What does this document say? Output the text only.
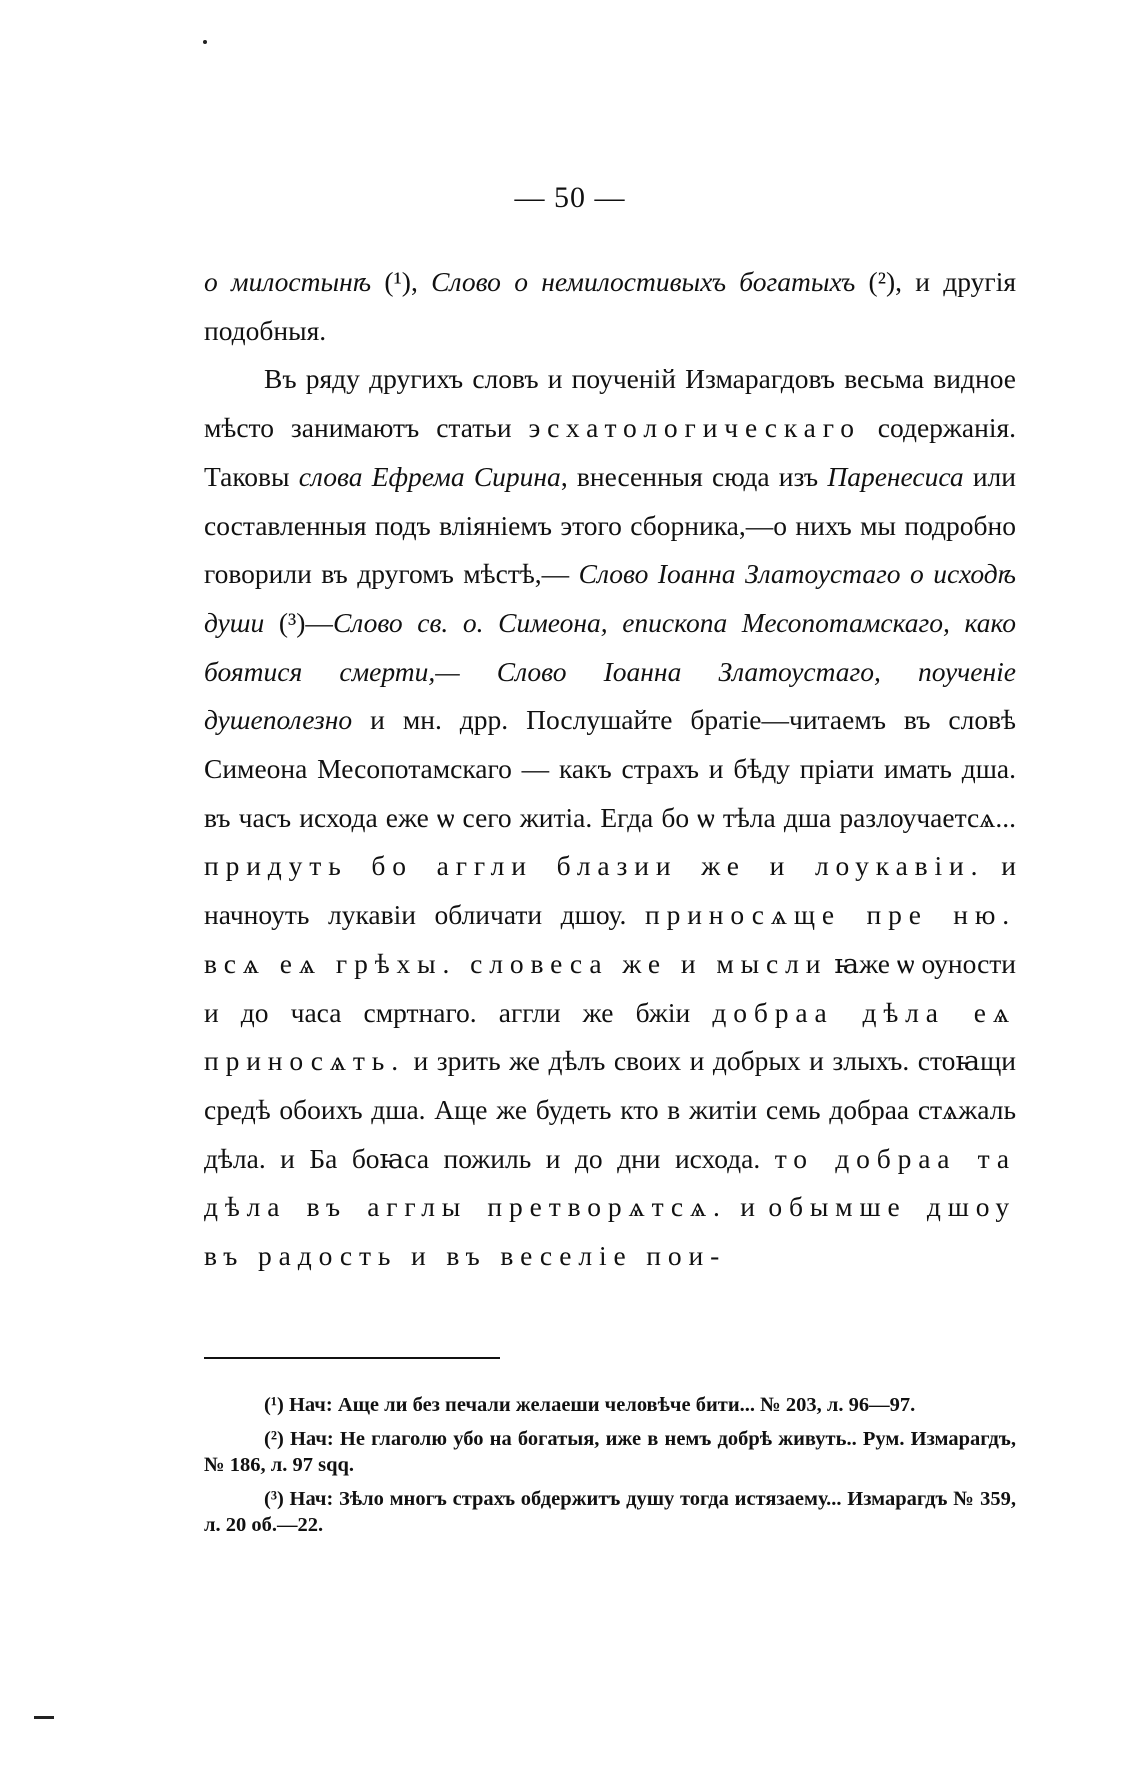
— 50 —

о милостынѣ (¹), Слово о немилостивыхъ богатыхъ (²), и другія подобныя.

Въ ряду другихъ словъ и поученій Измарагдовъ весьма видное мѣсто занимаютъ статьи эсхатологическаго содержанія. Таковы слова Ефрема Сирина, внесенныя сюда изъ Паренесиса или составленныя подъ вліяніемъ этого сборника,—о нихъ мы подробно говорили въ другомъ мѣстѣ,— Слово Іоанна Златоустаго о исходѣ души (³)—Слово св. о. Симеона, епископа Месопотамскаго, како боятися смерти,— Слово Іоанна Златоустаго, поученіе душеполезно и мн. дрр. Послушайте братіе—читаемъ въ словѣ Симеона Месопотамскаго — какъ страхъ и бѣду пріати имать дша. въ часъ исхода еже ѡ сего житіа. Егда бо ѡ тѣла дша разлоучаетсѧ... придуть бо аггли блазии же и лоукавіи. и начноуть лукавіи обличати дшоу. приносѧще пре ню. всѧ еѧ грѣхы. словеса же и мысли ꙗже ѡ оуности и до часа смртнаго. аггли же бжіи добраа дѣла еѧ приносѧть. и зрить же дѣлъ своих и добрых и злыхъ. стоꙗщи средѣ обоихъ дша. Аще же будеть кто в житіи семь добраа стѧжаль дѣла. и Ба боꙗса пожиль и до дни исхода. то добраа та дѣла въ агглы претворѧтсѧ. и обымше дшоу въ радость и въ веселіе пои-

(¹) Нач: Аще ли без печали желаеши человѣче бити... № 203, л. 96—97.

(²) Нач: Не глаголю убо на богатыя, иже в немъ добрѣ живуть.. Рум. Измарагдъ, № 186, л. 97 sqq.

(³) Нач: Зѣло многъ страхъ обдержитъ душу тогда истязаему... Измарагдъ № 359, л. 20 об.—22.
